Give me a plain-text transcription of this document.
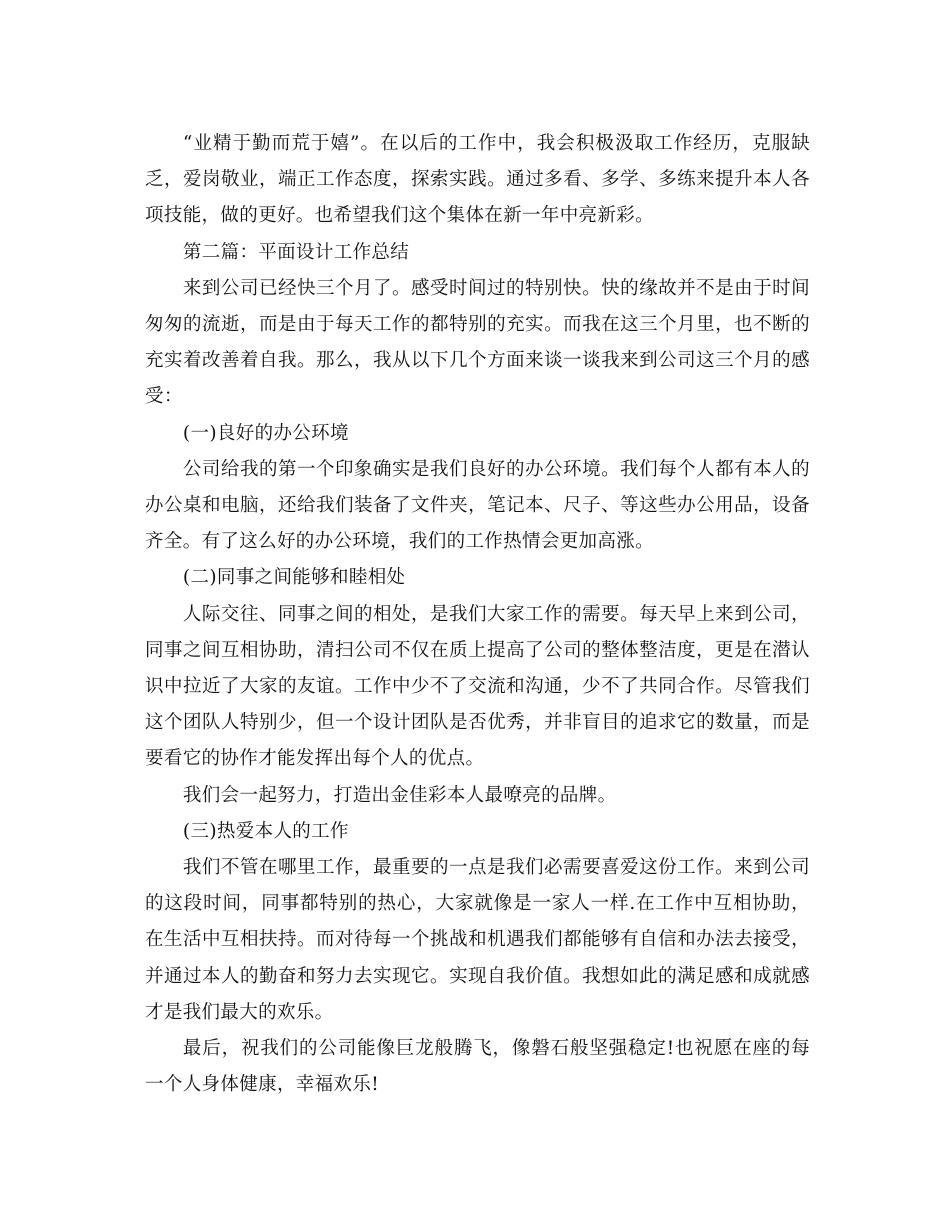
“业精于勤而荒于嬉”。在以后的工作中，我会积极汲取工作经历，克服缺乏，爱岗敬业，端正工作态度，探索实践。通过多看、多学、多练来提升本人各项技能，做的更好。也希望我们这个集体在新一年中亮新彩。

第二篇：平面设计工作总结

来到公司已经快三个月了。感受时间过的特别快。快的缘故并不是由于时间匆匆的流逝，而是由于每天工作的都特别的充实。而我在这三个月里，也不断的充实着改善着自我。那么，我从以下几个方面来谈一谈我来到公司这三个月的感受：

(一)良好的办公环境

公司给我的第一个印象确实是我们良好的办公环境。我们每个人都有本人的办公桌和电脑，还给我们装备了文件夹，笔记本、尺子、等这些办公用品，设备齐全。有了这么好的办公环境，我们的工作热情会更加高涨。

(二)同事之间能够和睦相处

人际交往、同事之间的相处，是我们大家工作的需要。每天早上来到公司，同事之间互相协助，清扫公司不仅在质上提高了公司的整体整洁度，更是在潜认识中拉近了大家的友谊。工作中少不了交流和沟通，少不了共同合作。尽管我们这个团队人特别少，但一个设计团队是否优秀，并非盲目的追求它的数量，而是要看它的协作才能发挥出每个人的优点。

我们会一起努力，打造出金佳彩本人最嘹亮的品牌。

(三)热爱本人的工作

我们不管在哪里工作，最重要的一点是我们必需要喜爱这份工作。来到公司的这段时间，同事都特别的热心，大家就像是一家人一样.在工作中互相协助，在生活中互相扶持。而对待每一个挑战和机遇我们都能够有自信和办法去接受，并通过本人的勤奋和努力去实现它。实现自我价值。我想如此的满足感和成就感才是我们最大的欢乐。

最后，祝我们的公司能像巨龙般腾飞，像磐石般坚强稳定!也祝愿在座的每一个人身体健康，幸福欢乐!
